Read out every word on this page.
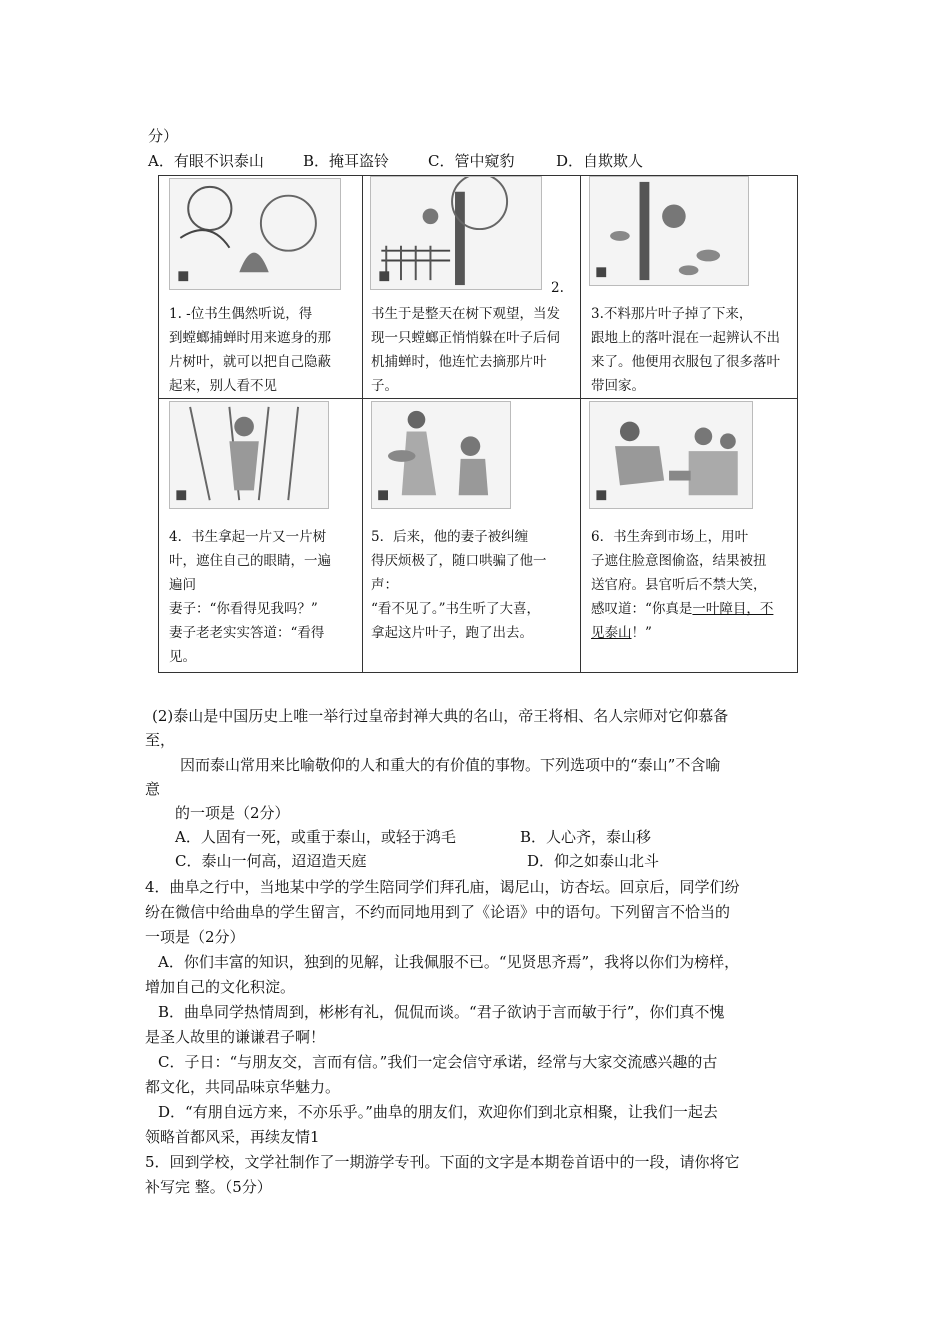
分）
A．有眼不识泰山	B．掩耳盗铃	C．管中窥豹	D．自欺欺人
1. -位书生偶然听说，得
到螳螂捕蝉时用来遮身的那
片树叶，就可以把自己隐蔽
起来，别人看不见
2.
书生于是整天在树下观望，当发
现一只螳螂正悄悄躲在叶子后伺
机捕蝉时，他连忙去摘那片叶
子。
3.不料那片叶子掉了下来，
跟地上的落叶混在一起辨认不出
来了。他便用衣服包了很多落叶
带回家。
4．书生拿起一片又一片树
叶，遮住自己的眼睛，一遍
遍问
妻子：“你看得见我吗？”
妻子老老实实答道：“看得
见。
5．后来，他的妻子被纠缠
得厌烦极了，随口哄骗了他一
声：
“看不见了。”书生听了大喜，
拿起这片叶子，跑了出去。
6．书生奔到市场上，用叶
子遮住脸意图偷盗，结果被扭
送官府。县官听后不禁大笑，
感叹道：“你真是一叶障目，不
见泰山！”
(2)泰山是中国历史上唯一举行过皇帝封禅大典的名山，帝王将相、名人宗师对它仰慕备
至，
因而泰山常用来比喻敬仰的人和重大的有价值的事物。下列选项中的“泰山”不含喻
意
的一项是（2分）
A．人固有一死，或重于泰山，或轻于鸿毛	B．人心齐，泰山移
C．泰山一何高，迢迢造天庭	D．仰之如泰山北斗
4．曲阜之行中，当地某中学的学生陪同学们拜孔庙，谒尼山，访杏坛。回京后，同学们纷
纷在微信中给曲阜的学生留言，不约而同地用到了《论语》中的语句。下列留言不恰当的
一项是（2分）
A．你们丰富的知识，独到的见解，让我佩服不已。“见贤思齐焉”，我将以你们为榜样，
增加自己的文化积淀。
B．曲阜同学热情周到，彬彬有礼，侃侃而谈。“君子欲讷于言而敏于行”，你们真不愧
是圣人故里的谦谦君子啊！
C．子日：“与朋友交，言而有信。”我们一定会信守承诺，经常与大家交流感兴趣的古
都文化，共同品味京华魅力。
D．“有朋自远方来，不亦乐乎。”曲阜的朋友们，欢迎你们到北京相聚，让我们一起去
领略首都风采，再续友情1
5．回到学校，文学社制作了一期游学专刊。下面的文字是本期卷首语中的一段，请你将它
补写完 整。（5分）
